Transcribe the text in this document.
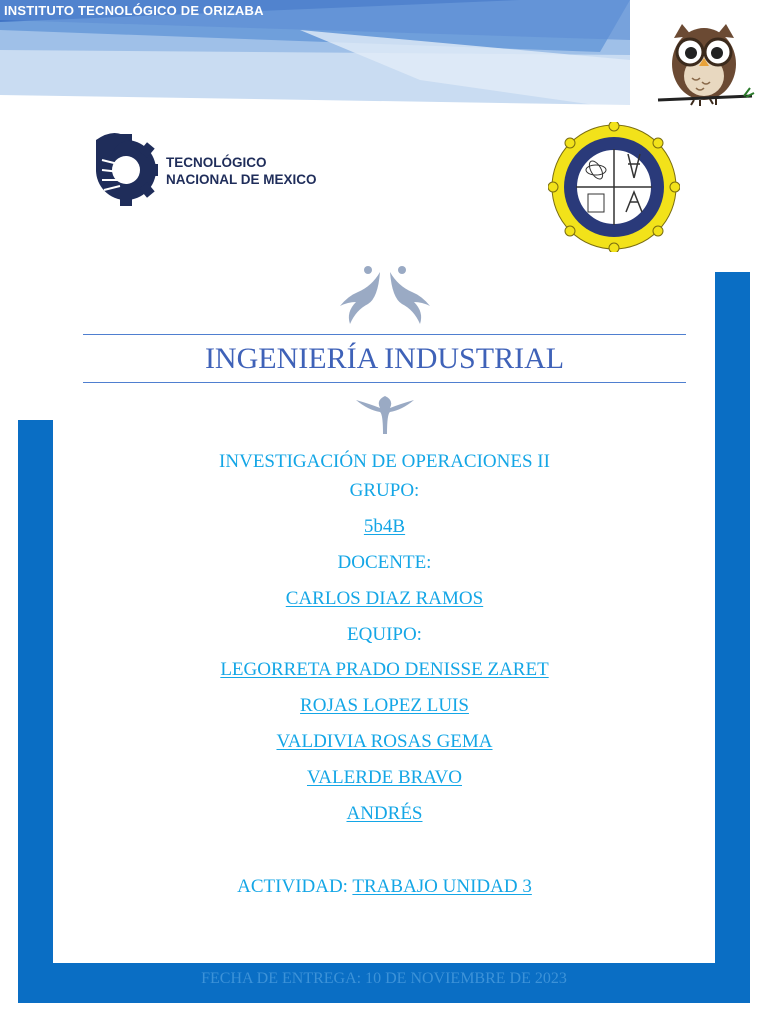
INSTITUTO TECNOLÓGICO DE ORIZABA
TECNOLÓGICO
NACIONAL DE MEXICO
INGENIERÍA INDUSTRIAL
INVESTIGACIÓN DE OPERACIONES II
GRUPO:
5b4B
DOCENTE:
CARLOS DIAZ RAMOS
EQUIPO:
LEGORRETA PRADO DENISSE ZARET
ROJAS LOPEZ LUIS
VALDIVIA ROSAS GEMA
VALERDE BRAVO
ANDRÉS
ACTIVIDAD: TRABAJO UNIDAD 3
FECHA DE ENTREGA: 10 DE NOVIEMBRE DE 2023
